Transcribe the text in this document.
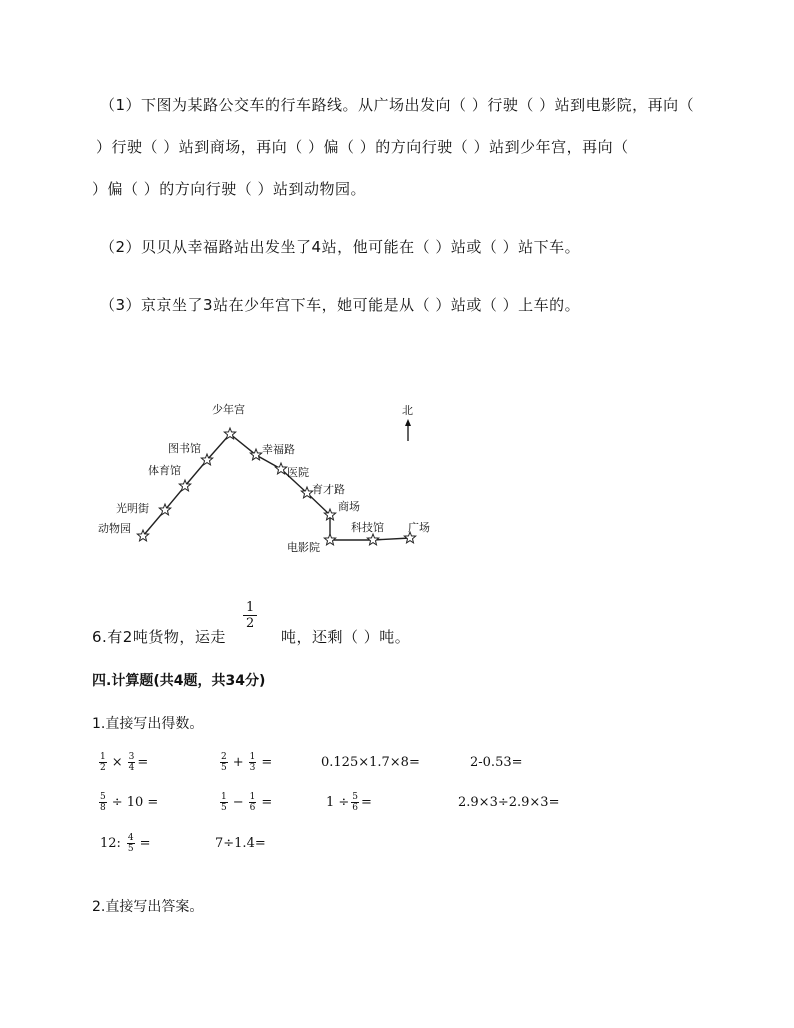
（1）下图为某路公交车的行车路线。从广场出发向（ ）行驶（ ）站到电影院，再向（
）行驶（ ）站到商场，再向（ ）偏（ ）的方向行驶（ ）站到少年宫，再向（
）偏（ ）的方向行驶（ ）站到动物园。
（2）贝贝从幸福路站出发坐了4站，他可能在（ ）站或（ ）站下车。
（3）京京坐了3站在少年宫下车，她可能是从（ ）站或（ ）上车的。
少年宫
图书馆	幸福路
体育馆	医院
育才路
光明街	商场
动物园	科技馆 广场
电影院
北
6.有2吨货物，运走
$\frac{1}{2}$
吨，还剩（ ）吨。
四.计算题(共4题，共34分)
1.直接写出得数。
$\frac{1}{2} \times \frac{3}{4}$ =	$\frac{2}{5} + \frac{1}{3}$ =	0.125×1.7×8=	2-0.53=
$\frac{5}{8} \div 10$ =	$\frac{1}{5} - \frac{1}{6}$ =	$1 \div \frac{5}{6}$ =	2.9×3÷2.9×3=
12: $\frac{4}{5}$ =	7÷1.4=
2.直接写出答案。
